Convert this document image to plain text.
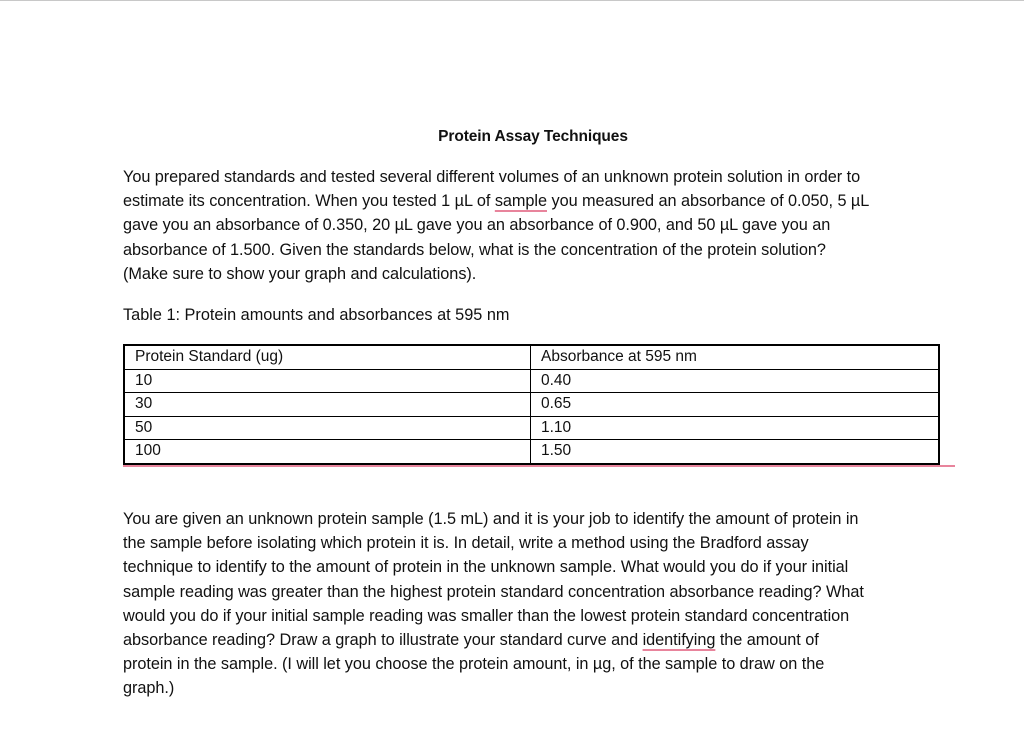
Protein Assay Techniques
You prepared standards and tested several different volumes of an unknown protein solution in order to
estimate its concentration. When you tested 1 µL of sample you measured an absorbance of 0.050, 5 µL
gave you an absorbance of 0.350, 20 µL gave you an absorbance of 0.900, and 50 µL gave you an
absorbance of 1.500. Given the standards below, what is the concentration of the protein solution?
(Make sure to show your graph and calculations).
Table 1: Protein amounts and absorbances at 595 nm
Protein Standard (ug)	Absorbance at 595 nm
10	0.40
30	0.65
50	1.10
100	1.50
You are given an unknown protein sample (1.5 mL) and it is your job to identify the amount of protein in
the sample before isolating which protein it is. In detail, write a method using the Bradford assay
technique to identify to the amount of protein in the unknown sample. What would you do if your initial
sample reading was greater than the highest protein standard concentration absorbance reading? What
would you do if your initial sample reading was smaller than the lowest protein standard concentration
absorbance reading? Draw a graph to illustrate your standard curve and identifying the amount of
protein in the sample. (I will let you choose the protein amount, in µg, of the sample to draw on the
graph.)
